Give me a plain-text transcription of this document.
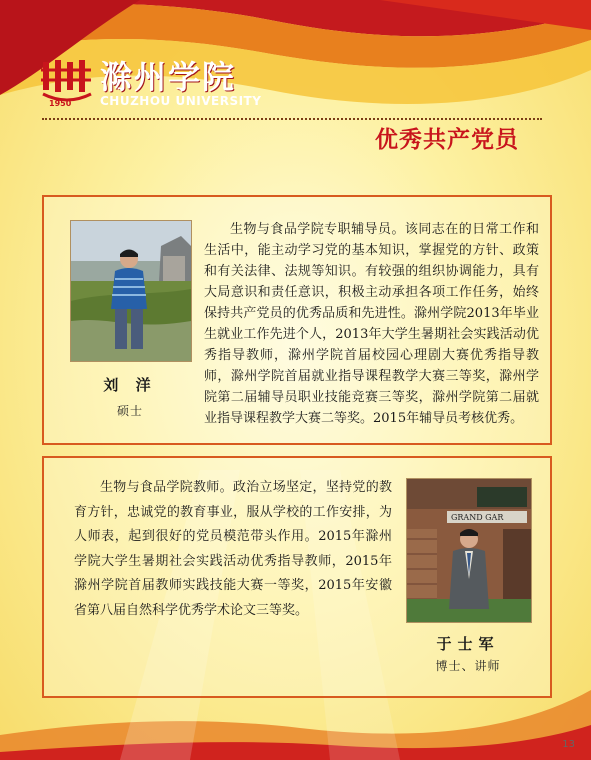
滁州学院
CHUZHOU UNIVERSITY
1950
优秀共产党员
刘 洋
硕士

生物与食品学院专职辅导员。该同志在的日常工作和生活中，能主动学习党的基本知识，掌握党的方针、政策和有关法律、法规等知识。有较强的组织协调能力，具有大局意识和责任意识，积极主动承担各项工作任务，始终保持共产党员的优秀品质和先进性。滁州学院2013年毕业生就业工作先进个人，2013年大学生暑期社会实践活动优秀指导教师，滁州学院首届校园心理剧大赛优秀指导教师，滁州学院首届就业指导课程教学大赛三等奖，滁州学院第二届辅导员职业技能竞赛三等奖，滁州学院第二届就业指导课程教学大赛二等奖。2015年辅导员考核优秀。

生物与食品学院教师。政治立场坚定，坚持党的教育方针，忠诚党的教育事业，服从学校的工作安排，为人师表，起到很好的党员模范带头作用。2015年滁州学院大学生暑期社会实践活动优秀指导教师，2015年滁州学院首届教师实践技能大赛一等奖，2015年安徽省第八届自然科学优秀学术论文三等奖。

GRAND GAR
于士军
博士、讲师
13
